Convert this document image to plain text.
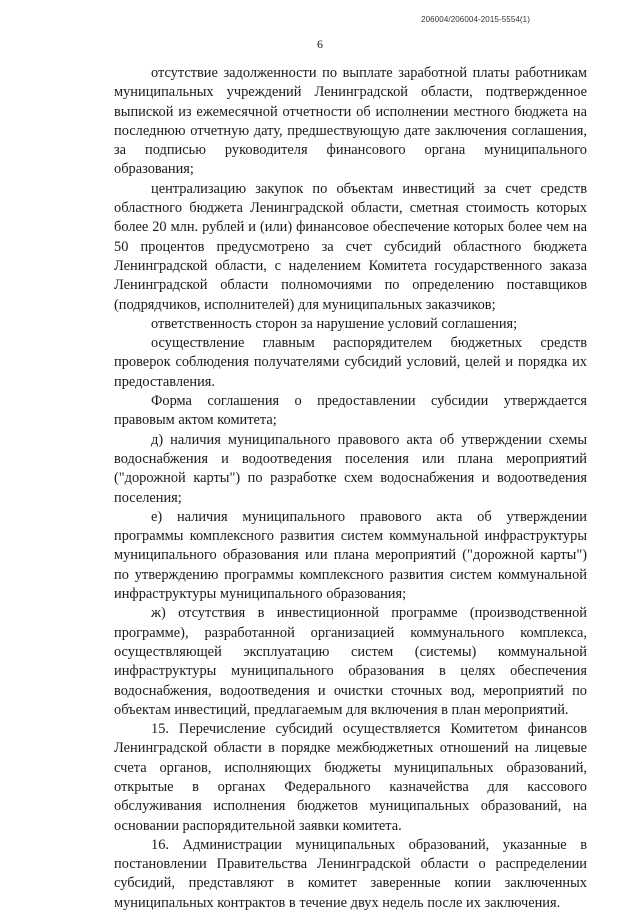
206004/206004-2015-5554(1)
6

отсутствие задолженности по выплате заработной платы работникам муниципальных учреждений Ленинградской области, подтвержденное выпиской из ежемесячной отчетности об исполнении местного бюджета на последнюю отчетную дату, предшествующую дате заключения соглашения, за подписью руководителя финансового органа муниципального образования;

централизацию закупок по объектам инвестиций за счет средств областного бюджета Ленинградской области, сметная стоимость которых более 20 млн. рублей и (или) финансовое обеспечение которых более чем на 50 процентов предусмотрено за счет субсидий областного бюджета Ленинградской области, с наделением Комитета государственного заказа Ленинградской области полномочиями по определению поставщиков (подрядчиков, исполнителей) для муниципальных заказчиков;

ответственность сторон за нарушение условий соглашения;

осуществление главным распорядителем бюджетных средств проверок соблюдения получателями субсидий условий, целей и порядка их предоставления.

Форма соглашения о предоставлении субсидии утверждается правовым актом комитета;

д) наличия муниципального правового акта об утверждении схемы водоснабжения и водоотведения поселения или плана мероприятий ("дорожной карты") по разработке схем водоснабжения и водоотведения поселения;

е) наличия муниципального правового акта об утверждении программы комплексного развития систем коммунальной инфраструктуры муниципального образования или плана мероприятий ("дорожной карты") по утверждению программы комплексного развития систем коммунальной инфраструктуры муниципального образования;

ж) отсутствия в инвестиционной программе (производственной программе), разработанной организацией коммунального комплекса, осуществляющей эксплуатацию систем (системы) коммунальной инфраструктуры муниципального образования в целях обеспечения водоснабжения, водоотведения и очистки сточных вод, мероприятий по объектам инвестиций, предлагаемым для включения в план мероприятий.

15. Перечисление субсидий осуществляется Комитетом финансов Ленинградской области в порядке межбюджетных отношений на лицевые счета органов, исполняющих бюджеты муниципальных образований, открытые в органах Федерального казначейства для кассового обслуживания исполнения бюджетов муниципальных образований, на основании распорядительной заявки комитета.

16. Администрации муниципальных образований, указанные в постановлении Правительства Ленинградской области о распределении субсидий, представляют в комитет заверенные копии заключенных муниципальных контрактов в течение двух недель после их заключения.
